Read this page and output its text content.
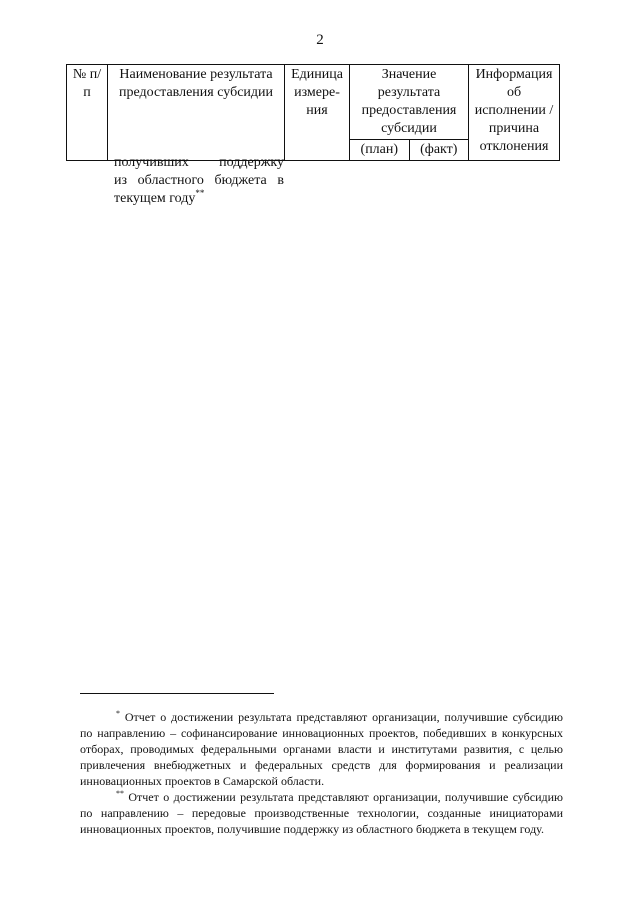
2
№ п/п	Наименование результата предоставления субсидии	Единица измере-ния	Значение результата предоставления субсидии		Информация об исполнении / причина отклонения
			(план)	(факт)	
получивших поддержку
из областного бюджета в
текущем году**

* Отчет о достижении результата представляют организации, получившие субсидию по направлению – софинансирование инновационных проектов, победивших в конкурсных отборах, проводимых федеральными органами власти и институтами развития, с целью привлечения внебюджетных и федеральных средств для формирования и реализации инновационных проектов в Самарской области.

** Отчет о достижении результата представляют организации, получившие субсидию по направлению – передовые производственные технологии, созданные инициаторами инновационных проектов, получившие поддержку из областного бюджета в текущем году.
